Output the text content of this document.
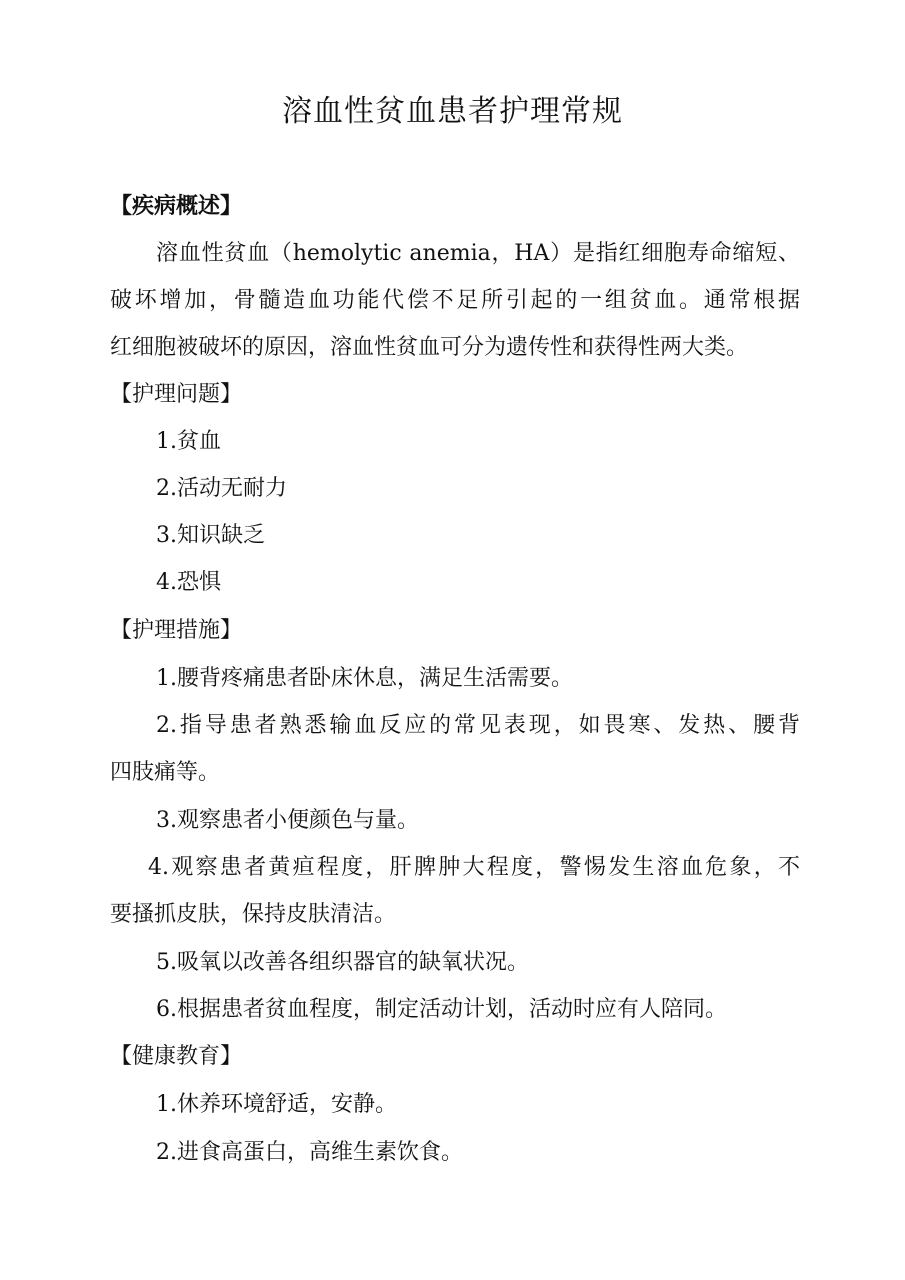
溶血性贫血患者护理常规

【疾病概述】

溶血性贫血（hemolytic anemia，HA）是指红细胞寿命缩短、

破坏增加，骨髓造血功能代偿不足所引起的一组贫血。通常根据

红细胞被破坏的原因，溶血性贫血可分为遗传性和获得性两大类。

【护理问题】

1.贫血

2.活动无耐力

3.知识缺乏

4.恐惧

【护理措施】

1.腰背疼痛患者卧床休息，满足生活需要。

2.指导患者熟悉输血反应的常见表现，如畏寒、发热、腰背

四肢痛等。

3.观察患者小便颜色与量。

4.观察患者黄疸程度，肝脾肿大程度，警惕发生溶血危象，不

要搔抓皮肤，保持皮肤清洁。

5.吸氧以改善各组织器官的缺氧状况。

6.根据患者贫血程度，制定活动计划，活动时应有人陪同。

【健康教育】

1.休养环境舒适，安静。

2.进食高蛋白，高维生素饮食。
